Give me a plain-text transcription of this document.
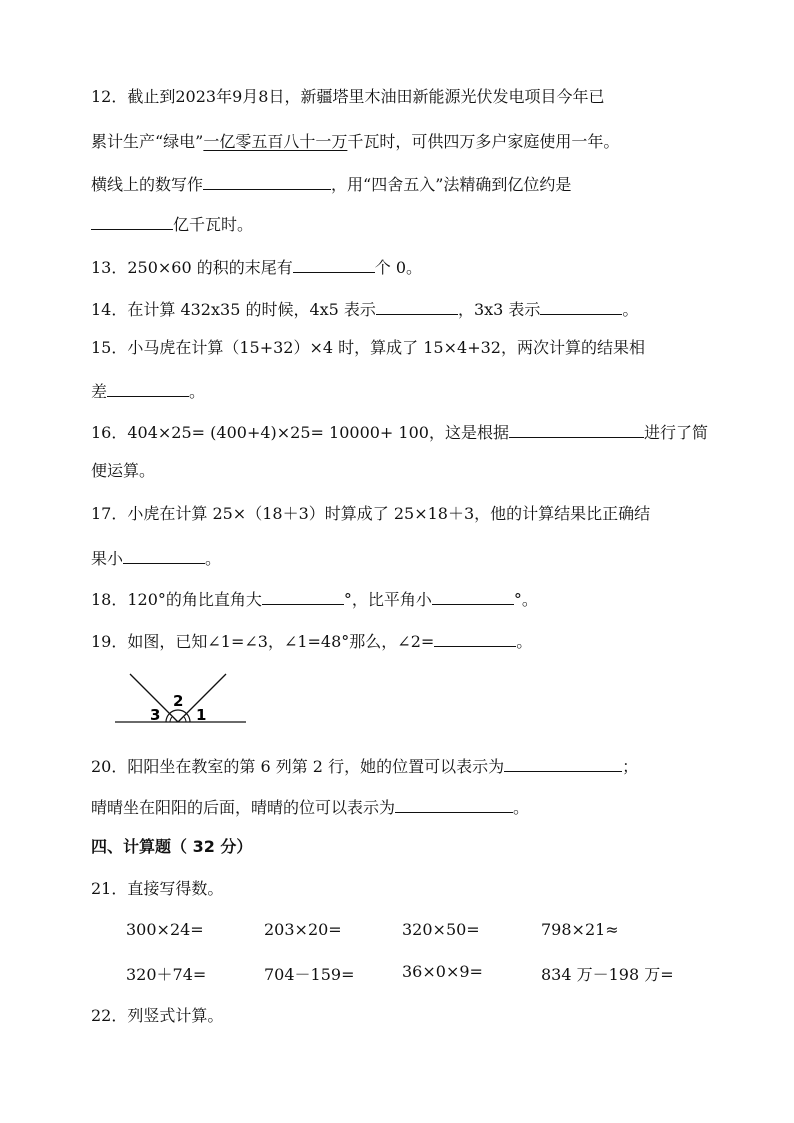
12．截止到2023年9月8日，新疆塔里木油田新能源光伏发电项目今年已
累计生产“绿电”一亿零五百八十一万千瓦时，可供四万多户家庭使用一年。
横线上的数写作	，用“四舍五入”法精确到亿位约是
亿千瓦时。
13．250×60 的积的末尾有	个 0。
14．在计算 432x35 的时候，4x5 表示	，3x3 表示	。
15．小马虎在计算（15+32）×4 时，算成了 15×4+32，两次计算的结果相
差	。
16．404×25= (400+4)×25= 10000+ 100，这是根据	进行了简
便运算。
17．小虎在计算 25×（18＋3）时算成了 25×18＋3，他的计算结果比正确结
果小	。
18．120°的角比直角大	°，比平角小	°。
19．如图，已知∠1=∠3，∠1=48°那么，∠2=	。
2
3 1
20．阳阳坐在教室的第 6 列第 2 行，她的位置可以表示为	；
晴晴坐在阳阳的后面，晴晴的位可以表示为	。
四、计算题（ 32 分）
21．直接写得数。
300×24=	203×20=	320×50=	798×21≈
320＋74=	704－159=	36×0×9=	834 万－198 万=
22．列竖式计算。
